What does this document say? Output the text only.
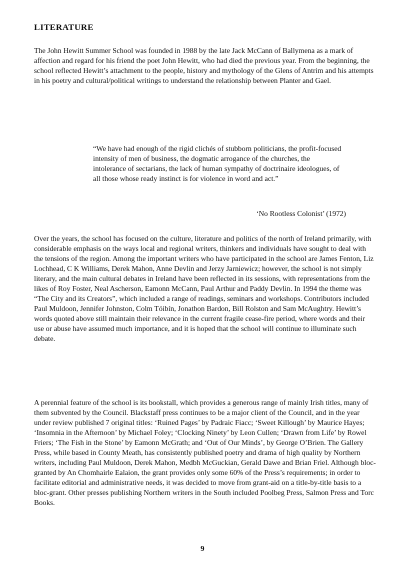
LITERATURE

The John Hewitt Summer School was founded in 1988 by the late Jack McCann of Ballymena as a mark of affection and regard for his friend the poet John Hewitt, who had died the previous year. From the beginning, the school reflected Hewitt’s attachment to the people, history and mythology of the Glens of Antrim and his attempts in his poetry and cultural/political writings to understand the relationship between Planter and Gael.

“We have had enough of the rigid clichés of stubborn politicians, the profit-focused intensity of men of business, the dogmatic arrogance of the churches, the intolerance of sectarians, the lack of human sympathy of doctrinaire ideologues, of all those whose ready instinct is for violence in word and act.”

‘No Rootless Colonist’ (1972)

Over the years, the school has focused on the culture, literature and politics of the north of Ireland primarily, with considerable emphasis on the ways local and regional writers, thinkers and individuals have sought to deal with the tensions of the region. Among the important writers who have participated in the school are James Fenton, Liz Lochhead, C K Williams, Derek Mahon, Anne Devlin and Jerzy Jarniewicz; however, the school is not simply literary, and the main cultural debates in Ireland have been reflected in its sessions, with representations from the likes of Roy Foster, Neal Ascherson, Eamonn McCann, Paul Arthur and Paddy Devlin. In 1994 the theme was “The City and its Creators”, which included a range of readings, seminars and workshops. Contributors included Paul Muldoon, Jennifer Johnston, Colm Tóibín, Jonathon Bardon, Bill Rolston and Sam McAughtry. Hewitt’s words quoted above still maintain their relevance in the current fragile cease-fire period, where words and their use or abuse have assumed much importance, and it is hoped that the school will continue to illuminate such debate.

A perennial feature of the school is its bookstall, which provides a generous range of mainly Irish titles, many of them subvented by the Council. Blackstaff press continues to be a major client of the Council, and in the year under review published 7 original titles: ‘Ruined Pages’ by Padraic Fiacc; ‘Sweet Killough’ by Maurice Hayes; ‘Insomnia in the Afternoon’ by Michael Foley; ‘Clocking Ninety’ by Leon Cullen; ‘Drawn from Life’ by Rowel Friers; ‘The Fish in the Stone’ by Eamonn McGrath; and ‘Out of Our Minds’, by George O’Brien. The Gallery Press, while based in County Meath, has consistently published poetry and drama of high quality by Northern writers, including Paul Muldoon, Derek Mahon, Medbh McGuckian, Gerald Dawe and Brian Friel. Although bloc-granted by An Chomhairle Ealaion, the grant provides only some 60% of the Press’s requirements; in order to facilitate editorial and administrative needs, it was decided to move from grant-aid on a title-by-title basis to a bloc-grant. Other presses publishing Northern writers in the South included Poolbeg Press, Salmon Press and Torc Books.

9
